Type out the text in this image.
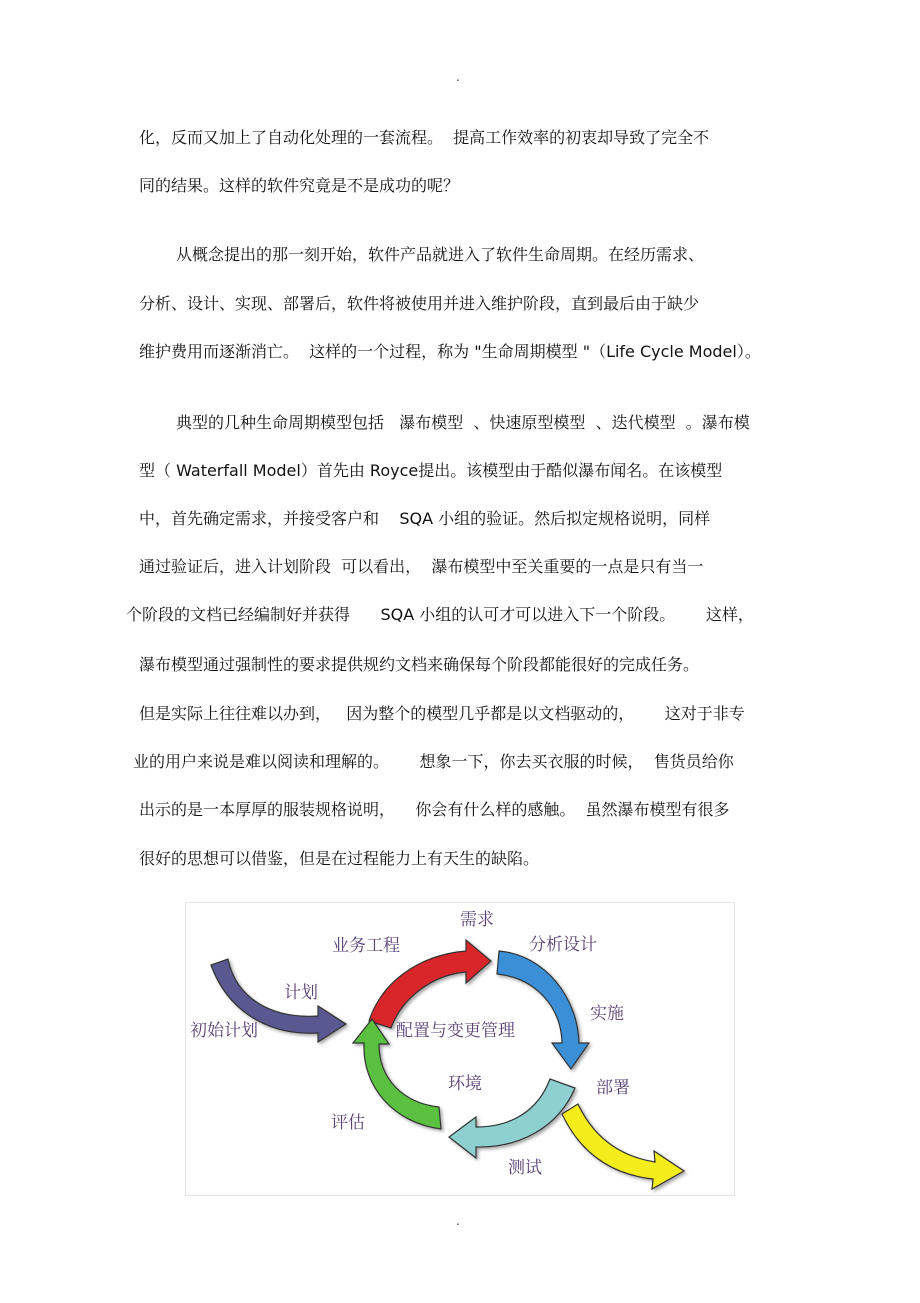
.
化，反而又加上了自动化处理的一套流程。  提高工作效率的初衷却导致了完全不
同的结果。这样的软件究竟是不是成功的呢？
从概念提出的那一刻开始，软件产品就进入了软件生命周期。在经历需求、
分析、设计、实现、部署后，软件将被使用并进入维护阶段，直到最后由于缺少
维护费用而逐渐消亡。  这样的一个过程，称为 "生命周期模型 "（Life Cycle Model）。
典型的几种生命周期模型包括   瀑布模型  、快速原型模型  、迭代模型  。瀑布模
型（ Waterfall Model）首先由 Royce提出。该模型由于酷似瀑布闻名。在该模型
中，首先确定需求，并接受客户和    SQA 小组的验证。然后拟定规格说明，同样
通过验证后，进入计划阶段  可以看出，  瀑布模型中至关重要的一点是只有当一
个阶段的文档已经编制好并获得      SQA 小组的认可才可以进入下一个阶段。      这样，
瀑布模型通过强制性的要求提供规约文档来确保每个阶段都能很好的完成任务。
但是实际上往往难以办到，   因为整个的模型几乎都是以文档驱动的，      这对于非专
业的用户来说是难以阅读和理解的。      想象一下，你去买衣服的时候，  售货员给你
出示的是一本厚厚的服装规格说明，    你会有什么样的感触。  虽然瀑布模型有很多
很好的思想可以借鉴，但是在过程能力上有天生的缺陷。
需求
业务工程	分析设计
计划
初始计划
实施
配置与变更管理
环境	部署
评估
测试
.
